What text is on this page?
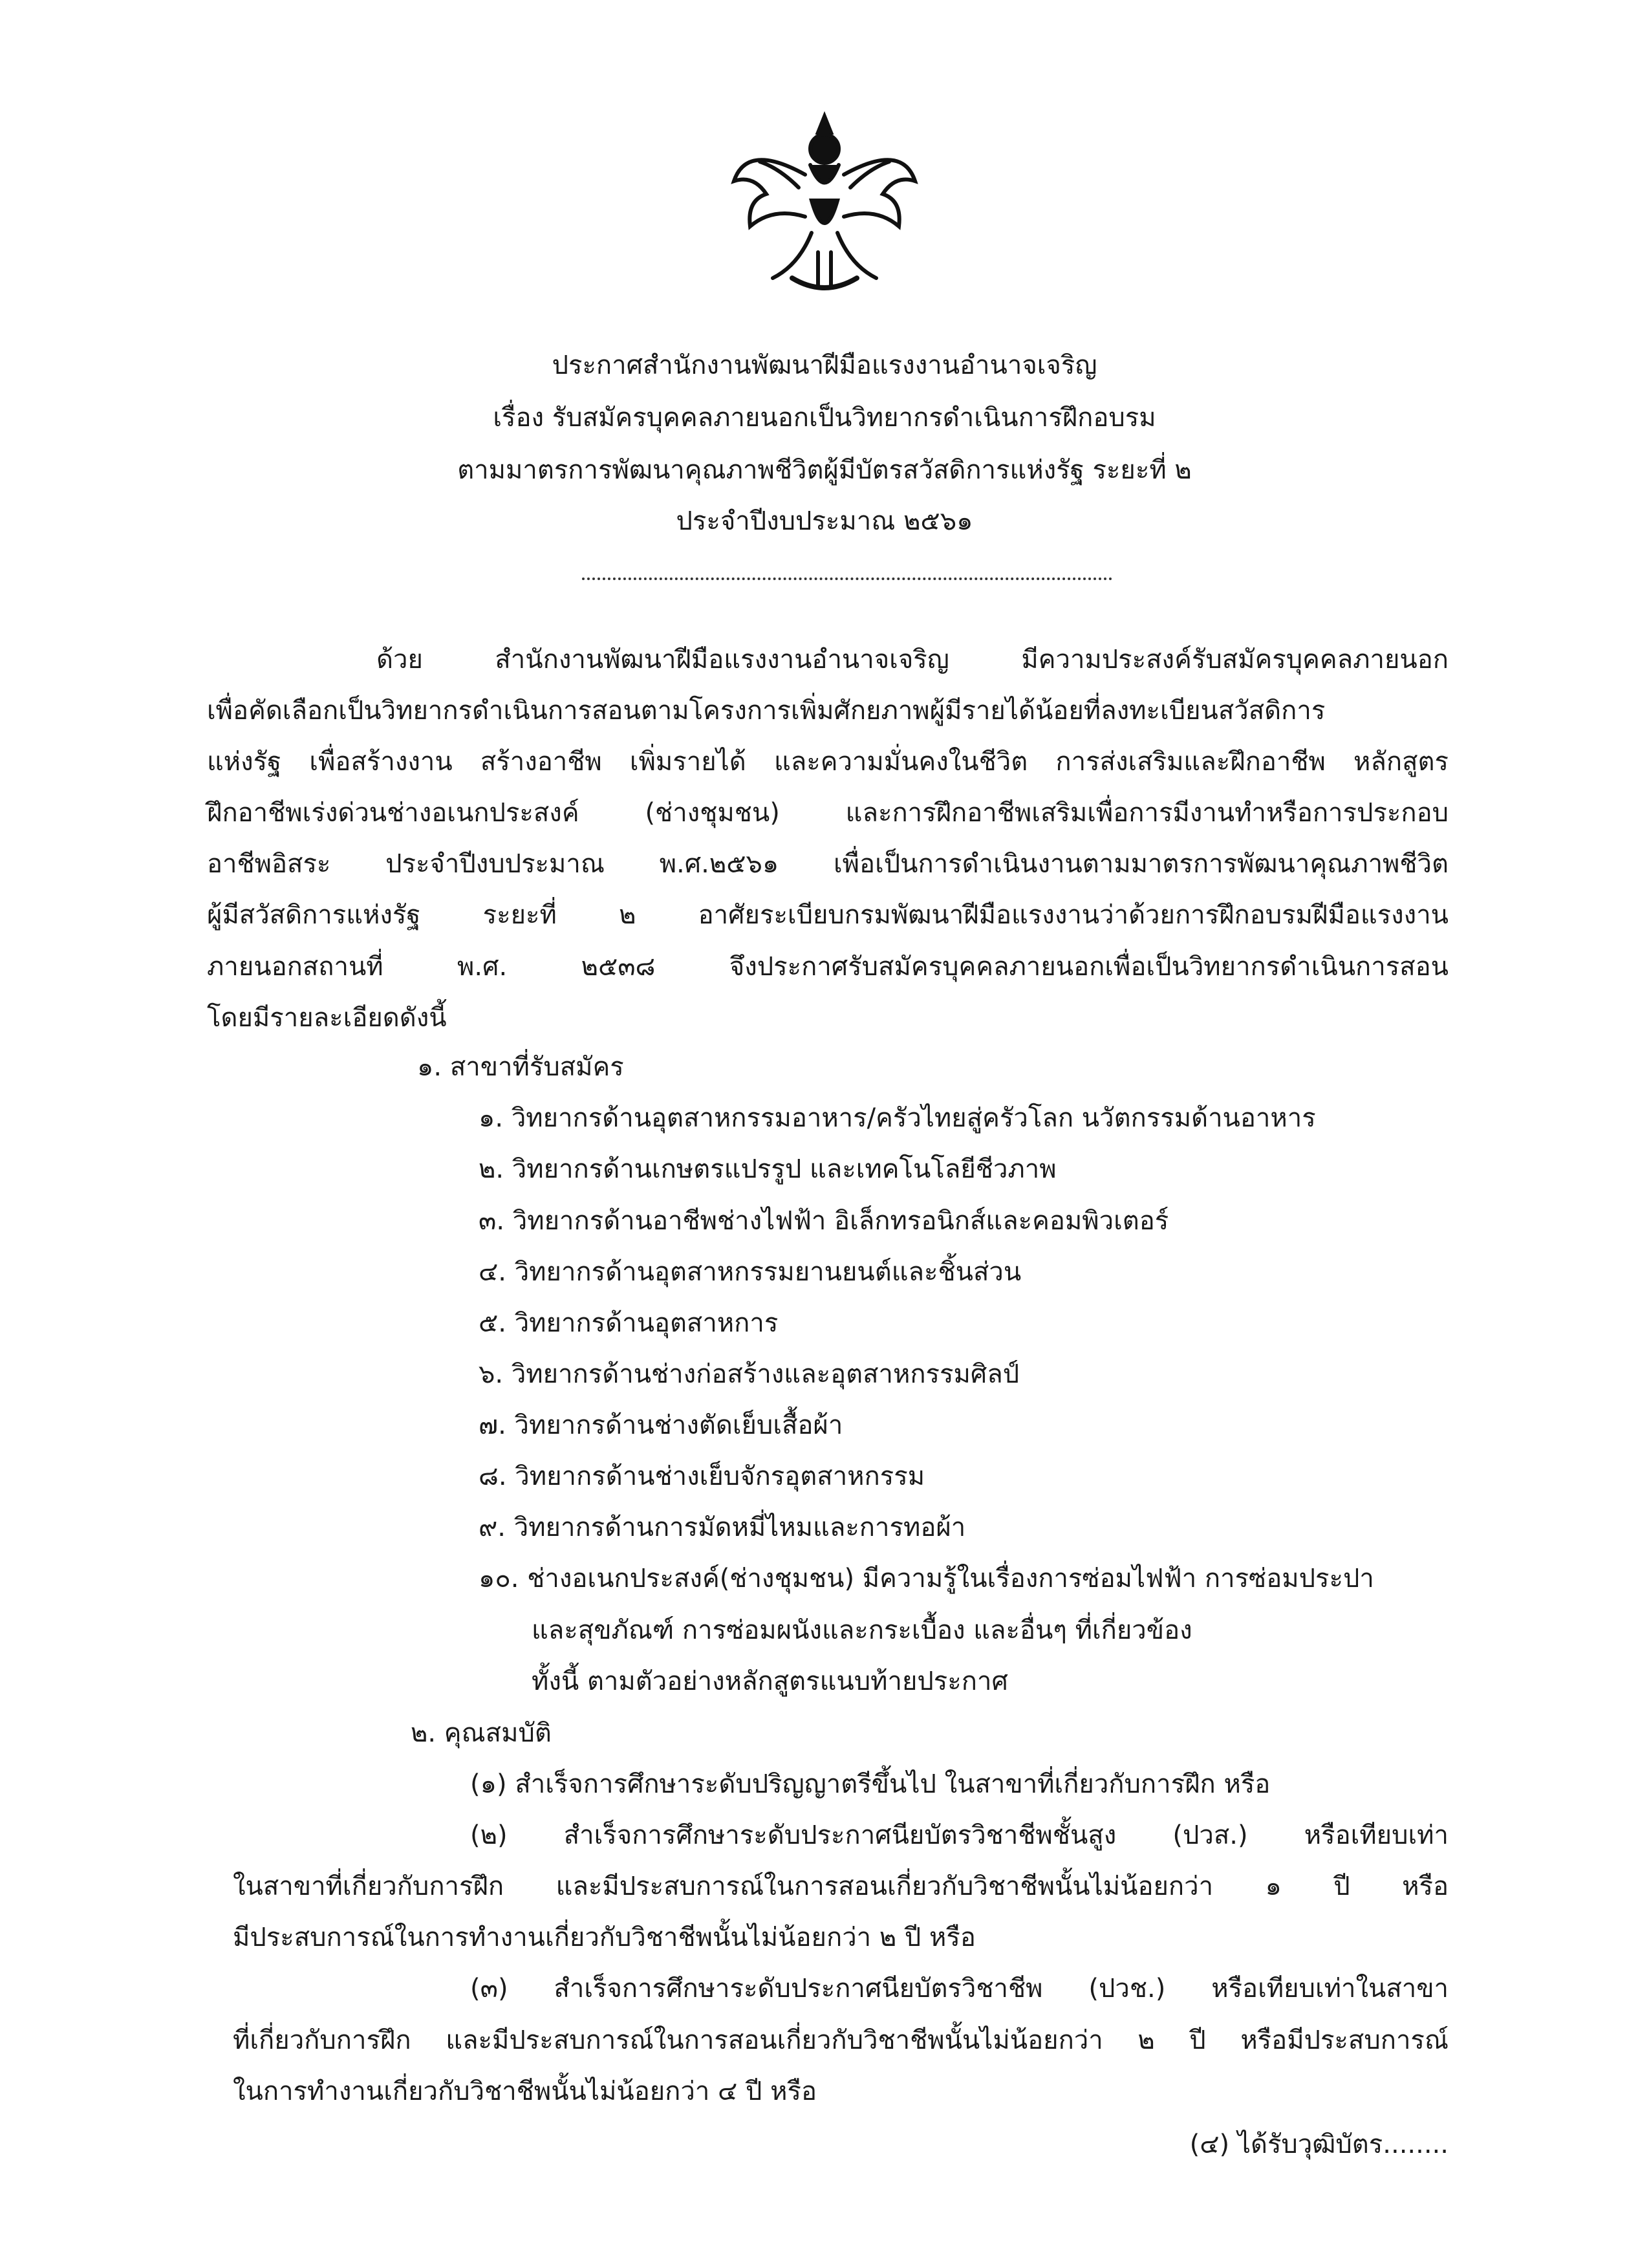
ประกาศสำนักงานพัฒนาฝีมือแรงงานอำนาจเจริญ
เรื่อง รับสมัครบุคคลภายนอกเป็นวิทยากรดำเนินการฝึกอบรม
ตามมาตรการพัฒนาคุณภาพชีวิตผู้มีบัตรสวัสดิการแห่งรัฐ ระยะที่ ๒
ประจำปีงบประมาณ ๒๕๖๑
ด้วย สำนักงานพัฒนาฝีมือแรงงานอำนาจเจริญ มีความประสงค์รับสมัครบุคคลภายนอก
เพื่อคัดเลือกเป็นวิทยากรดำเนินการสอนตามโครงการเพิ่มศักยภาพผู้มีรายได้น้อยที่ลงทะเบียนสวัสดิการ
แห่งรัฐ เพื่อสร้างงาน สร้างอาชีพ เพิ่มรายได้ และความมั่นคงในชีวิต การส่งเสริมและฝึกอาชีพ หลักสูตร
ฝึกอาชีพเร่งด่วนช่างอเนกประสงค์ (ช่างชุมชน) และการฝึกอาชีพเสริมเพื่อการมีงานทำหรือการประกอบ
อาชีพอิสระ ประจำปีงบประมาณ พ.ศ.๒๕๖๑ เพื่อเป็นการดำเนินงานตามมาตรการพัฒนาคุณภาพชีวิต
ผู้มีสวัสดิการแห่งรัฐ ระยะที่ ๒ อาศัยระเบียบกรมพัฒนาฝีมือแรงงานว่าด้วยการฝึกอบรมฝีมือแรงงาน
ภายนอกสถานที่ พ.ศ. ๒๕๓๘ จึงประกาศรับสมัครบุคคลภายนอกเพื่อเป็นวิทยากรดำเนินการสอน
โดยมีรายละเอียดดังนี้
๑. สาขาที่รับสมัคร
๑. วิทยากรด้านอุตสาหกรรมอาหาร/ครัวไทยสู่ครัวโลก นวัตกรรมด้านอาหาร
๒. วิทยากรด้านเกษตรแปรรูป และเทคโนโลยีชีวภาพ
๓. วิทยากรด้านอาชีพช่างไฟฟ้า อิเล็กทรอนิกส์และคอมพิวเตอร์
๔. วิทยากรด้านอุตสาหกรรมยานยนต์และชิ้นส่วน
๕. วิทยากรด้านอุตสาหการ
๖. วิทยากรด้านช่างก่อสร้างและอุตสาหกรรมศิลป์
๗. วิทยากรด้านช่างตัดเย็บเสื้อผ้า
๘. วิทยากรด้านช่างเย็บจักรอุตสาหกรรม
๙. วิทยากรด้านการมัดหมี่ไหมและการทอผ้า
๑๐. ช่างอเนกประสงค์(ช่างชุมชน) มีความรู้ในเรื่องการซ่อมไฟฟ้า การซ่อมประปา
และสุขภัณฑ์ การซ่อมผนังและกระเบื้อง และอื่นๆ ที่เกี่ยวข้อง
ทั้งนี้ ตามตัวอย่างหลักสูตรแนบท้ายประกาศ
๒. คุณสมบัติ
(๑) สำเร็จการศึกษาระดับปริญญาตรีขึ้นไป ในสาขาที่เกี่ยวกับการฝึก หรือ
(๒) สำเร็จการศึกษาระดับประกาศนียบัตรวิชาชีพชั้นสูง (ปวส.) หรือเทียบเท่า
ในสาขาที่เกี่ยวกับการฝึก และมีประสบการณ์ในการสอนเกี่ยวกับวิชาชีพนั้นไม่น้อยกว่า ๑ ปี หรือ
มีประสบการณ์ในการทำงานเกี่ยวกับวิชาชีพนั้นไม่น้อยกว่า ๒ ปี หรือ
(๓) สำเร็จการศึกษาระดับประกาศนียบัตรวิชาชีพ (ปวช.) หรือเทียบเท่าในสาขา
ที่เกี่ยวกับการฝึก และมีประสบการณ์ในการสอนเกี่ยวกับวิชาชีพนั้นไม่น้อยกว่า ๒ ปี หรือมีประสบการณ์
ในการทำงานเกี่ยวกับวิชาชีพนั้นไม่น้อยกว่า ๔ ปี หรือ
(๔) ได้รับวุฒิบัตร........
